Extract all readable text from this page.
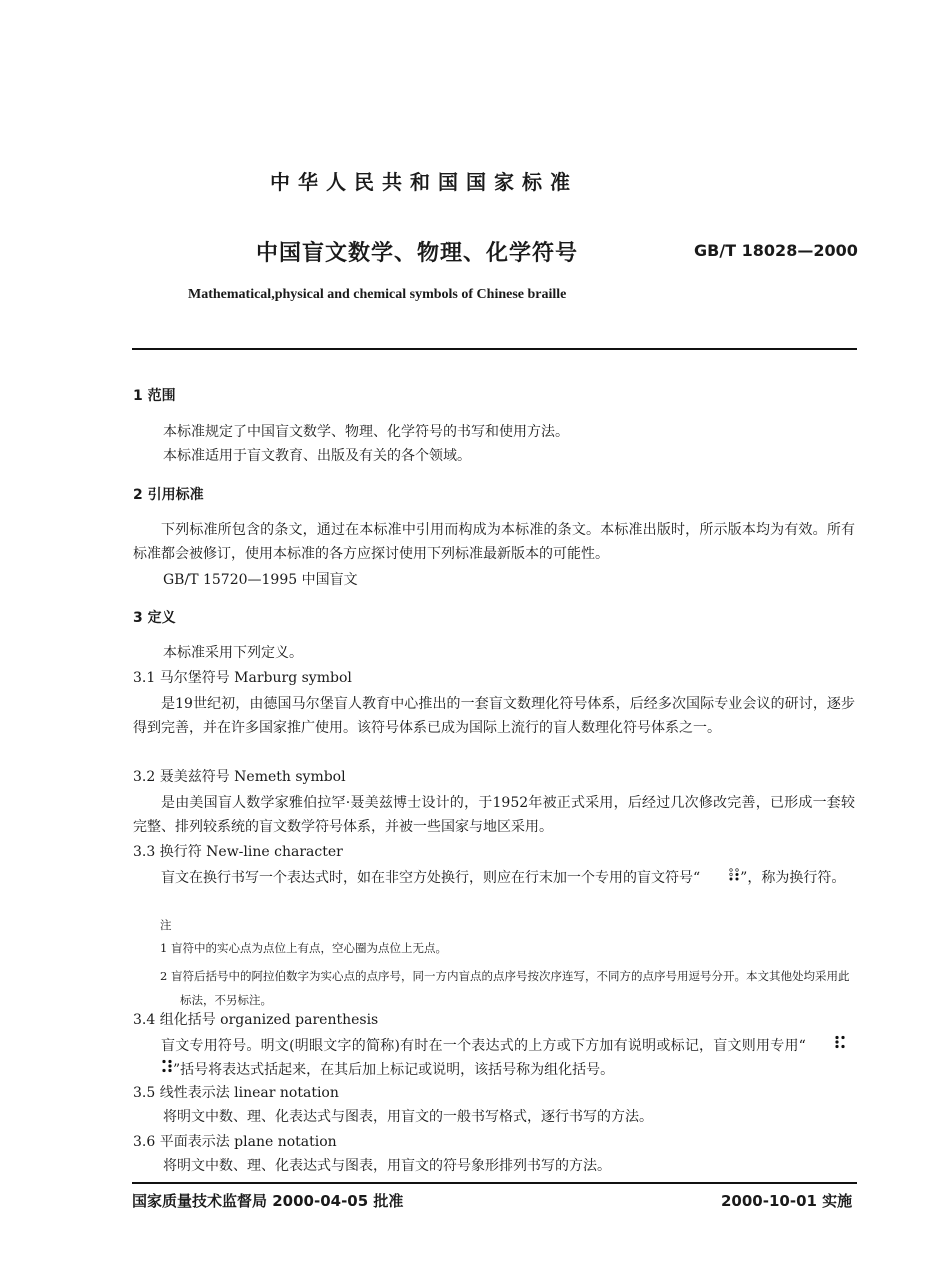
中华人民共和国国家标准
中国盲文数学、物理、化学符号	GB/T 18028—2000
Mathematical,physical and chemical symbols of Chinese braille
1 范围
本标准规定了中国盲文数学、物理、化学符号的书写和使用方法。
本标准适用于盲文教育、出版及有关的各个领域。
2 引用标准
下列标准所包含的条文，通过在本标准中引用而构成为本标准的条文。本标准出版时，所示版本均为有效。所有标准都会被修订，使用本标准的各方应探讨使用下列标准最新版本的可能性。
GB/T 15720—1995 中国盲文
3 定义
本标准采用下列定义。
3.1 马尔堡符号 Marburg symbol
是19世纪初，由德国马尔堡盲人教育中心推出的一套盲文数理化符号体系，后经多次国际专业会议的研讨，逐步得到完善，并在许多国家推广使用。该符号体系已成为国际上流行的盲人数理化符号体系之一。
3.2 聂美兹符号 Nemeth symbol
是由美国盲人数学家雅伯拉罕·聂美兹博士设计的，于1952年被正式采用，后经过几次修改完善，已形成一套较完整、排列较系统的盲文数学符号体系，并被一些国家与地区采用。
3.3 换行符 New-line character
盲文在换行书写一个表达式时，如在非空方处换行，则应在行末加一个专用的盲文符号“	”，称为换行符。
注
1 盲符中的实心点为点位上有点，空心圈为点位上无点。
2 盲符后括号中的阿拉伯数字为实心点的点序号，同一方内盲点的点序号按次序连写，不同方的点序号用逗号分开。本文其他处均采用此标法，不另标注。
3.4 组化括号 organized parenthesis
盲文专用符号。明文(明眼文字的简称)有时在一个表达式的上方或下方加有说明或标记，盲文则用专用“  ”括号将表达式括起来，在其后加上标记或说明，该括号称为组化括号。
3.5 线性表示法 linear notation
将明文中数、理、化表达式与图表，用盲文的一般书写格式，逐行书写的方法。
3.6 平面表示法 plane notation
将明文中数、理、化表达式与图表，用盲文的符号象形排列书写的方法。
国家质量技术监督局 2000-04-05 批准	2000-10-01 实施
